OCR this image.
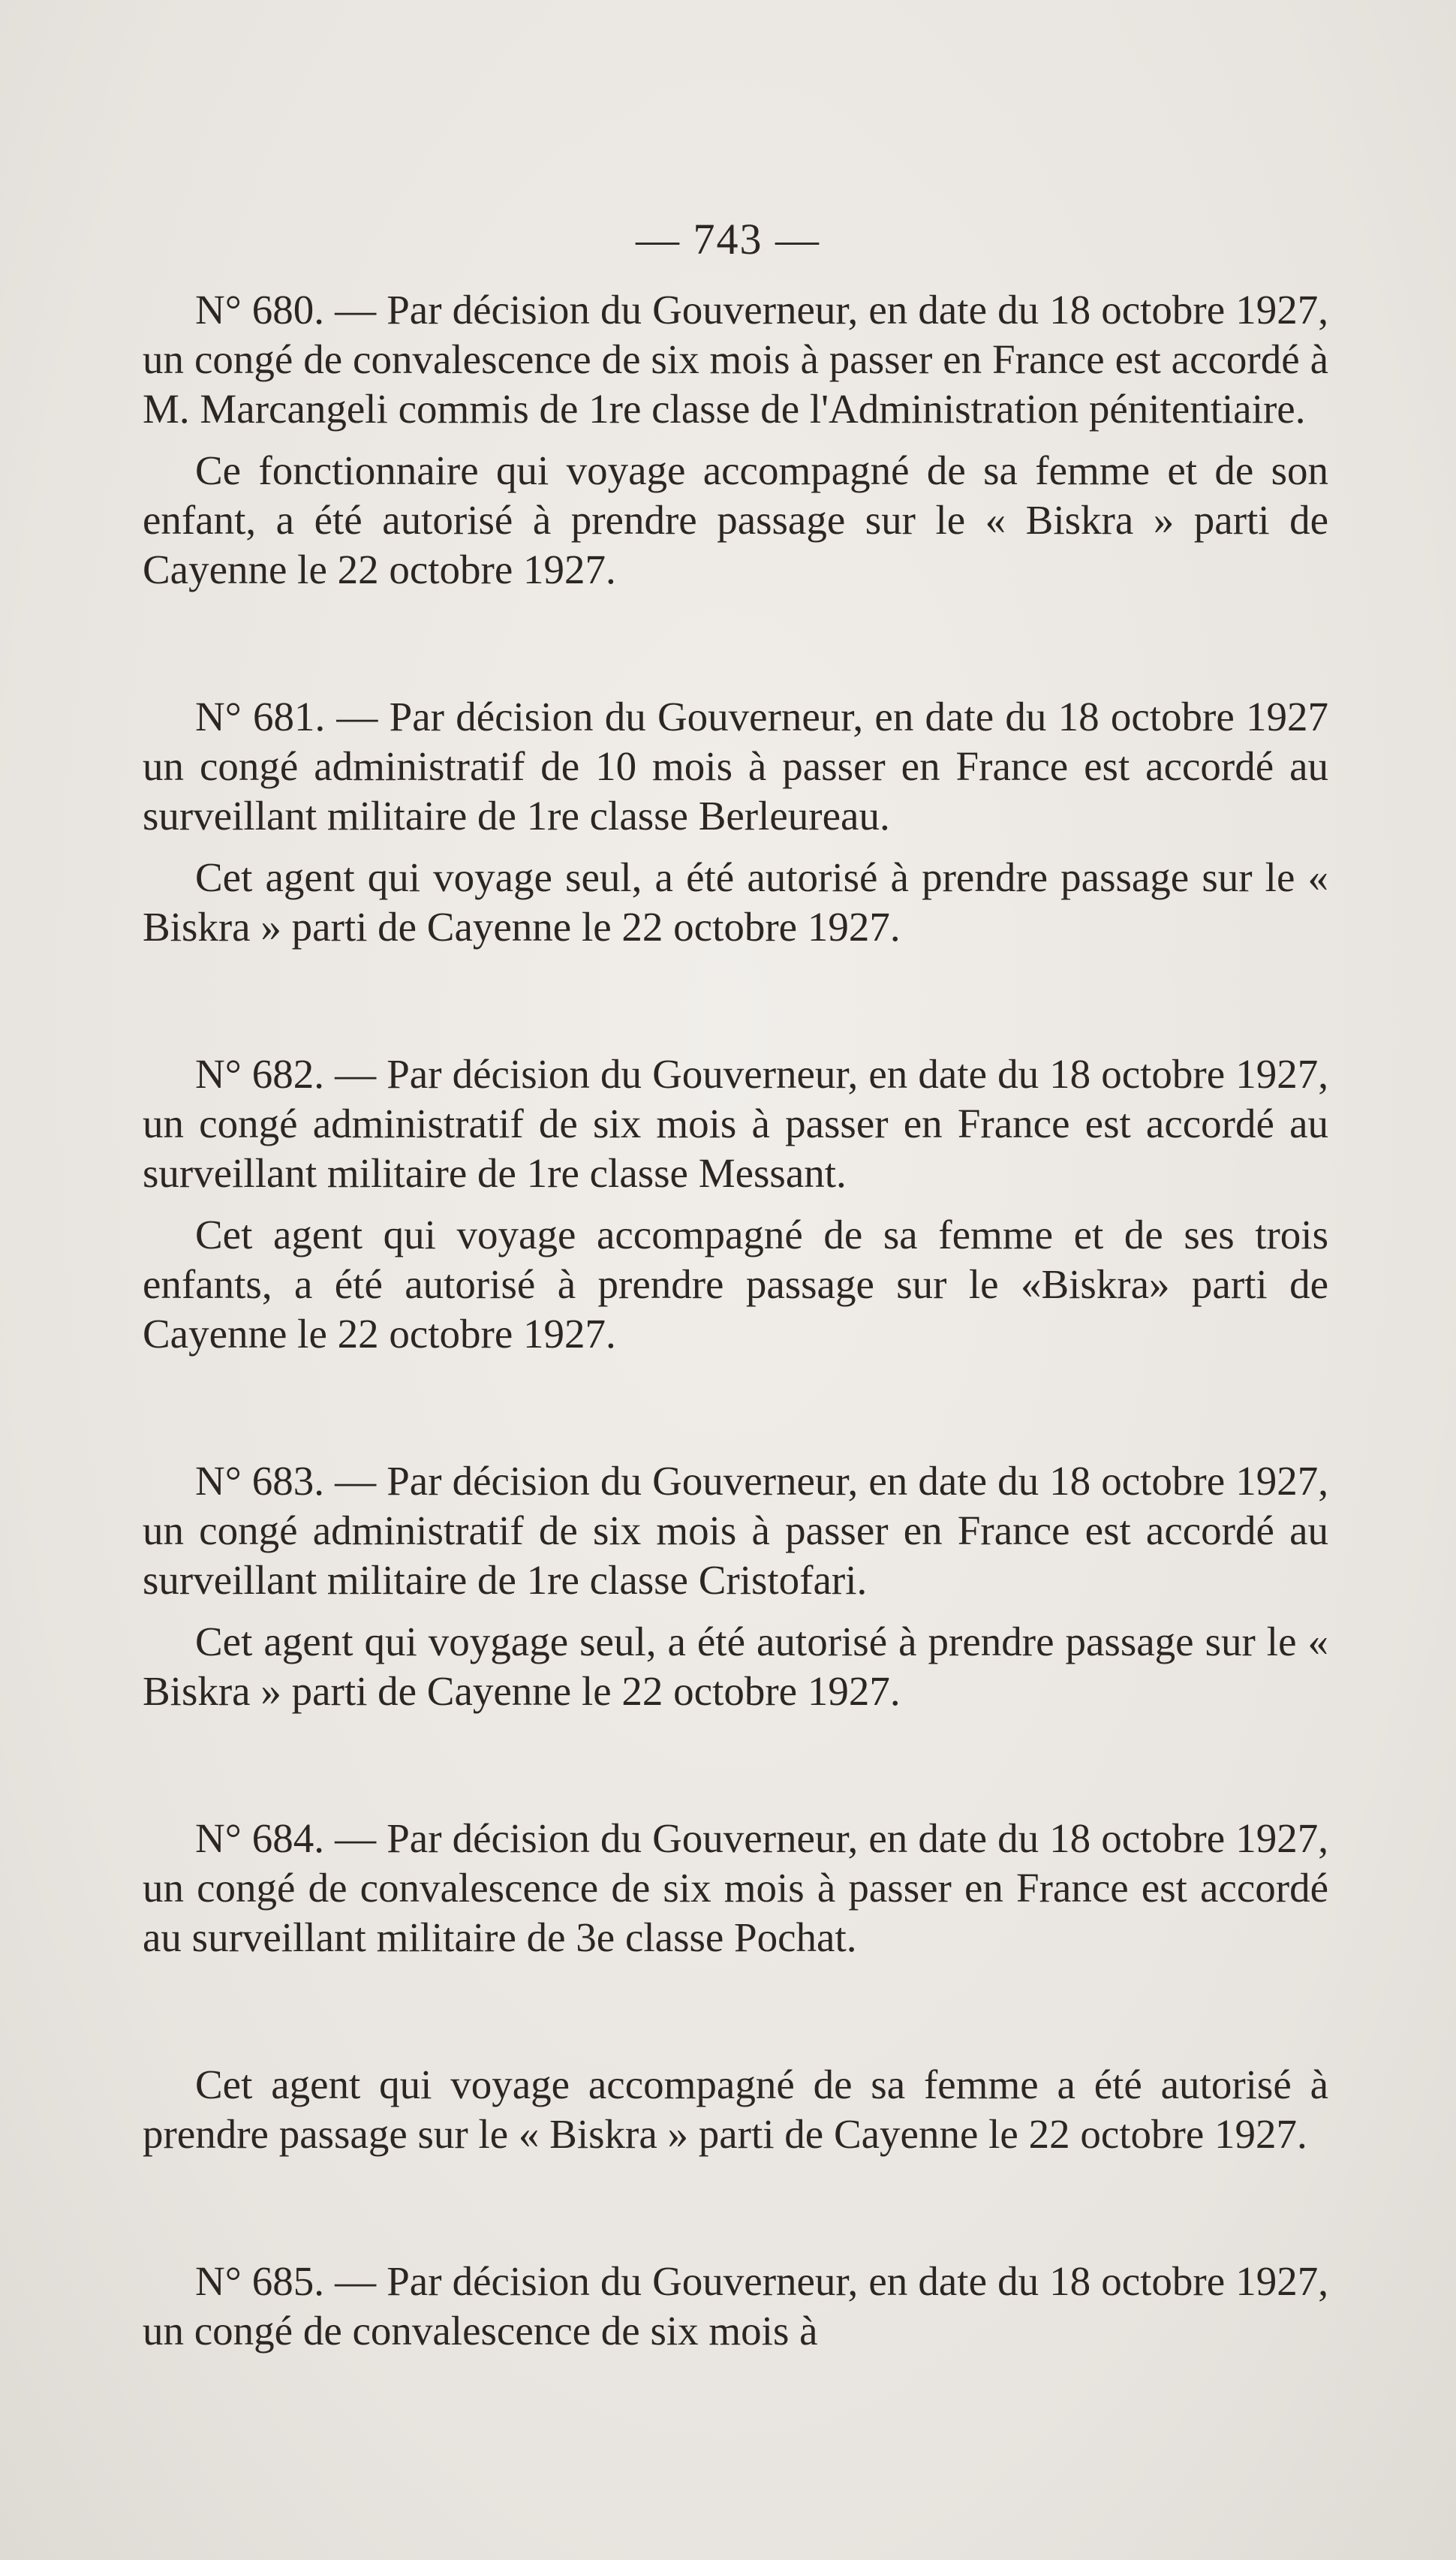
— 743 —

N° 680. — Par décision du Gouverneur, en date du 18 octobre 1927, un congé de convalescence de six mois à passer en France est accordé à M. Marcangeli commis de 1re classe de l'Administration pénitentiaire.

Ce fonctionnaire qui voyage accompagné de sa femme et de son enfant, a été autorisé à prendre passage sur le « Biskra » parti de Cayenne le 22 octobre 1927.

N° 681. — Par décision du Gouverneur, en date du 18 octobre 1927 un congé administratif de 10 mois à passer en France est accordé au surveillant militaire de 1re classe Berleureau.

Cet agent qui voyage seul, a été autorisé à prendre passage sur le « Biskra » parti de Cayenne le 22 octobre 1927.

N° 682. — Par décision du Gouverneur, en date du 18 octobre 1927, un congé administratif de six mois à passer en France est accordé au surveillant militaire de 1re classe Messant.

Cet agent qui voyage accompagné de sa femme et de ses trois enfants, a été autorisé à prendre passage sur le «Biskra» parti de Cayenne le 22 octobre 1927.

N° 683. — Par décision du Gouverneur, en date du 18 octobre 1927, un congé administratif de six mois à passer en France est accordé au surveillant militaire de 1re classe Cristofari.

Cet agent qui voygage seul, a été autorisé à prendre passage sur le « Biskra » parti de Cayenne le 22 octobre 1927.

N° 684. — Par décision du Gouverneur, en date du 18 octobre 1927, un congé de convalescence de six mois à passer en France est accordé au surveillant militaire de 3e classe Pochat.

Cet agent qui voyage accompagné de sa femme a été autorisé à prendre passage sur le « Biskra » parti de Cayenne le 22 octobre 1927.

N° 685. — Par décision du Gouverneur, en date du 18 octobre 1927, un congé de convalescence de six mois à
